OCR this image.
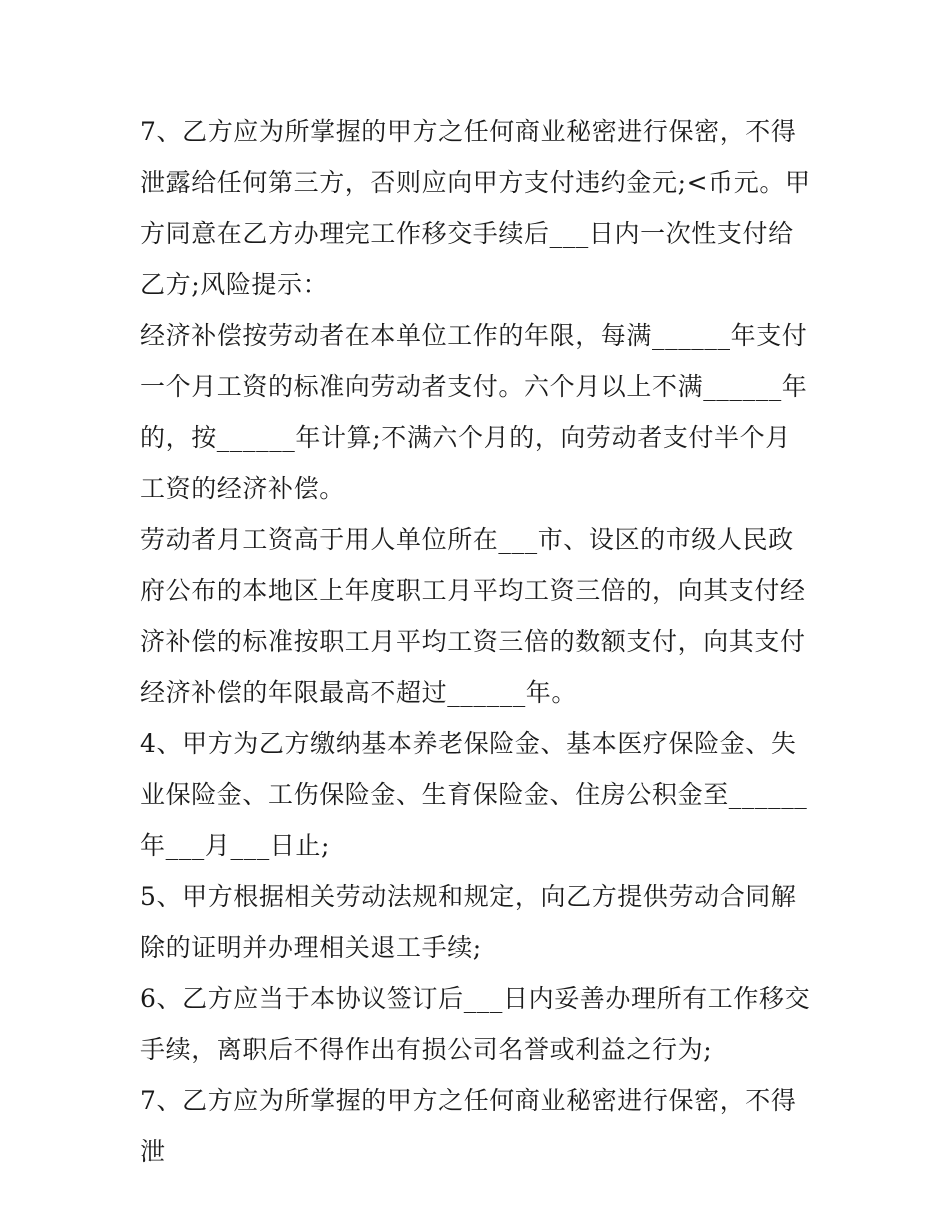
7、乙方应为所掌握的甲方之任何商业秘密进行保密，不得泄露给任何第三方，否则应向甲方支付违约金元;<币元。甲方同意在乙方办理完工作移交手续后___日内一次性支付给乙方;风险提示：

经济补偿按劳动者在本单位工作的年限，每满______年支付一个月工资的标准向劳动者支付。六个月以上不满______年的，按______年计算;不满六个月的，向劳动者支付半个月工资的经济补偿。

劳动者月工资高于用人单位所在___市、设区的市级人民政府公布的本地区上年度职工月平均工资三倍的，向其支付经济补偿的标准按职工月平均工资三倍的数额支付，向其支付经济补偿的年限最高不超过______年。

4、甲方为乙方缴纳基本养老保险金、基本医疗保险金、失业保险金、工伤保险金、生育保险金、住房公积金至______年___月___日止;

5、甲方根据相关劳动法规和规定，向乙方提供劳动合同解除的证明并办理相关退工手续;

6、乙方应当于本协议签订后___日内妥善办理所有工作移交手续，离职后不得作出有损公司名誉或利益之行为;

7、乙方应为所掌握的甲方之任何商业秘密进行保密，不得泄
